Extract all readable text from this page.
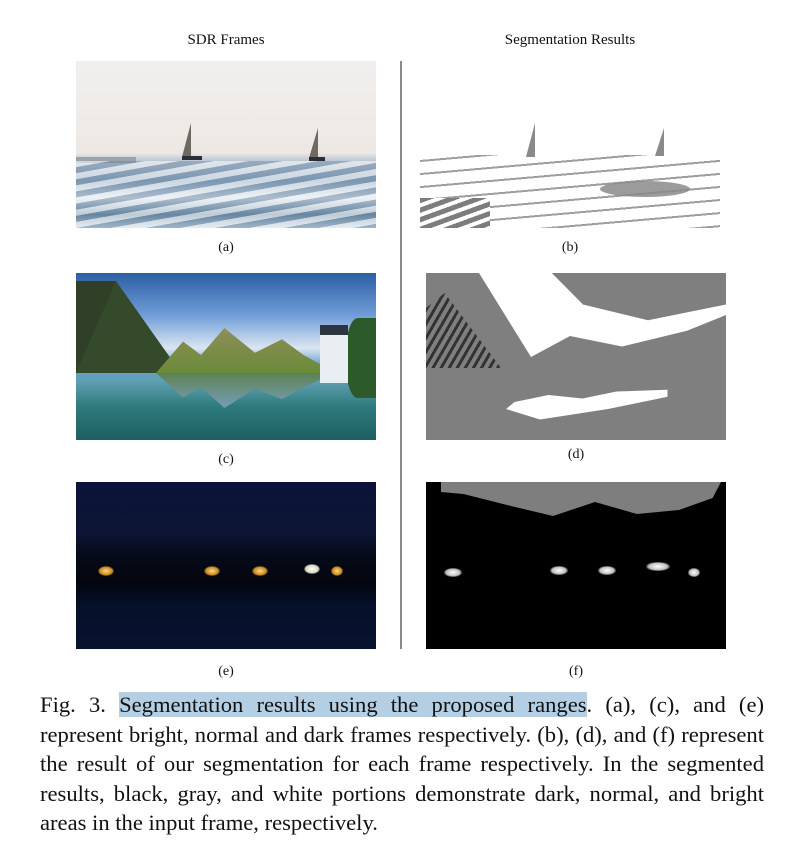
SDR Frames	Segmentation Results
(a)	(b)
(c)	(d)
(e)	(f)
Fig. 3. Segmentation results using the proposed ranges. (a), (c), and (e) represent bright, normal and dark frames respectively. (b), (d), and (f) represent the result of our segmentation for each frame respectively. In the segmented results, black, gray, and white portions demonstrate dark, normal, and bright areas in the input frame, respectively.
